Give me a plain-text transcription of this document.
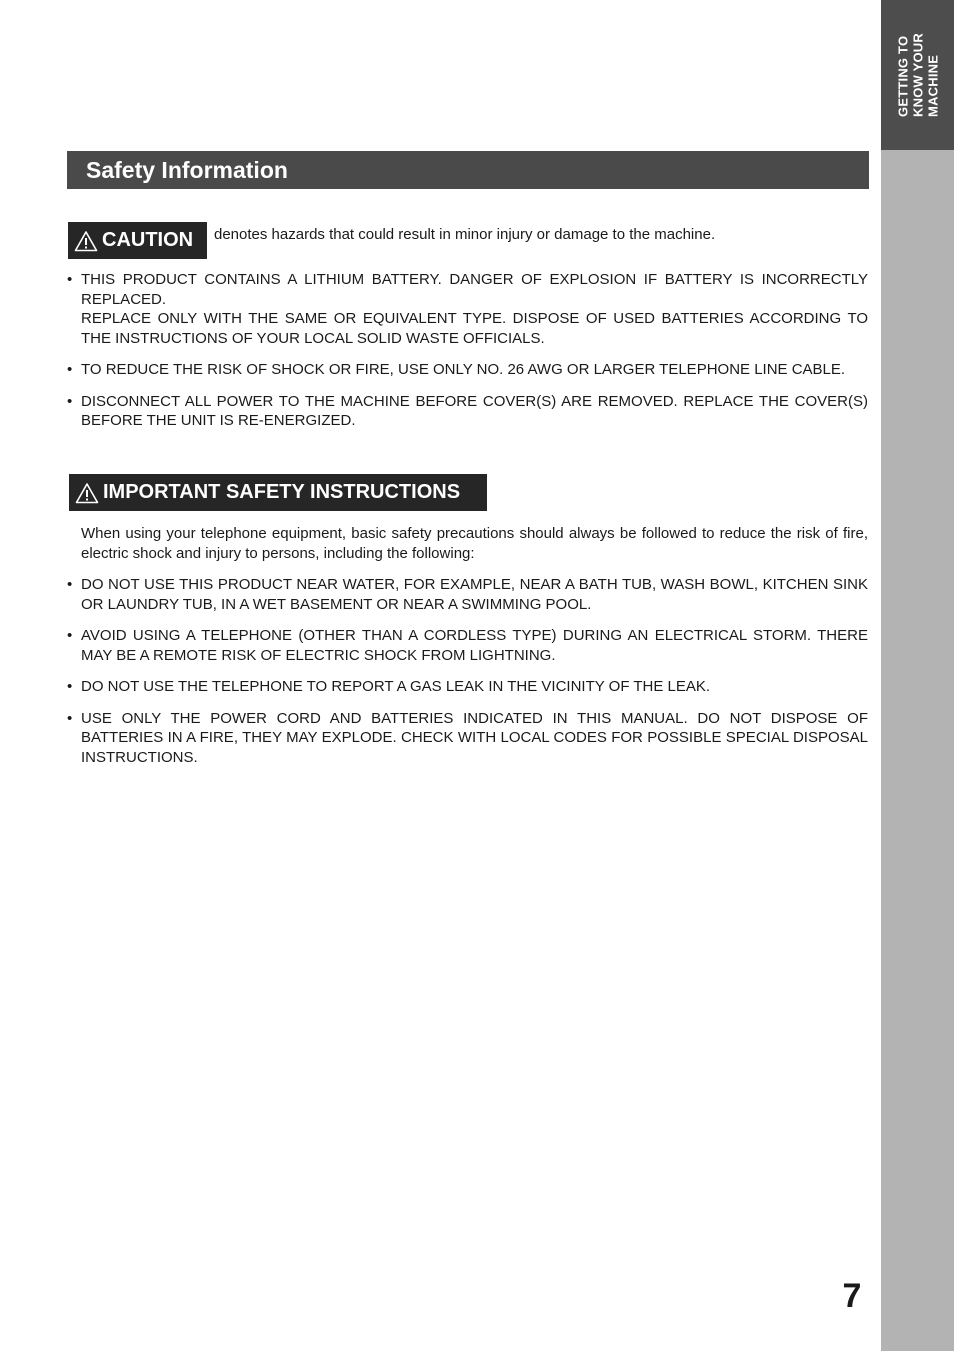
GETTING TO
KNOW YOUR
MACHINE
Safety Information
CAUTION denotes hazards that could result in minor injury or damage to the machine.
• THIS PRODUCT CONTAINS A LITHIUM BATTERY. DANGER OF EXPLOSION IF BATTERY IS INCORRECTLY REPLACED.
REPLACE ONLY WITH THE SAME OR EQUIVALENT TYPE. DISPOSE OF USED BATTERIES ACCORDING TO THE INSTRUCTIONS OF YOUR LOCAL SOLID WASTE OFFICIALS.
• TO REDUCE THE RISK OF SHOCK OR FIRE, USE ONLY NO. 26 AWG OR LARGER TELEPHONE LINE CABLE.
• DISCONNECT ALL POWER TO THE MACHINE BEFORE COVER(S) ARE REMOVED. REPLACE THE COVER(S) BEFORE THE UNIT IS RE-ENERGIZED.
IMPORTANT SAFETY INSTRUCTIONS
When using your telephone equipment, basic safety precautions should always be followed to reduce the risk of fire, electric shock and injury to persons, including the following:
• DO NOT USE THIS PRODUCT NEAR WATER, FOR EXAMPLE, NEAR A BATH TUB, WASH BOWL, KITCHEN SINK OR LAUNDRY TUB, IN A WET BASEMENT OR NEAR A SWIMMING POOL.
• AVOID USING A TELEPHONE (OTHER THAN A CORDLESS TYPE) DURING AN ELECTRICAL STORM. THERE MAY BE A REMOTE RISK OF ELECTRIC SHOCK FROM LIGHTNING.
• DO NOT USE THE TELEPHONE TO REPORT A GAS LEAK IN THE VICINITY OF THE LEAK.
• USE ONLY THE POWER CORD AND BATTERIES INDICATED IN THIS MANUAL. DO NOT DISPOSE OF BATTERIES IN A FIRE, THEY MAY EXPLODE. CHECK WITH LOCAL CODES FOR POSSIBLE SPECIAL DISPOSAL INSTRUCTIONS.
7
